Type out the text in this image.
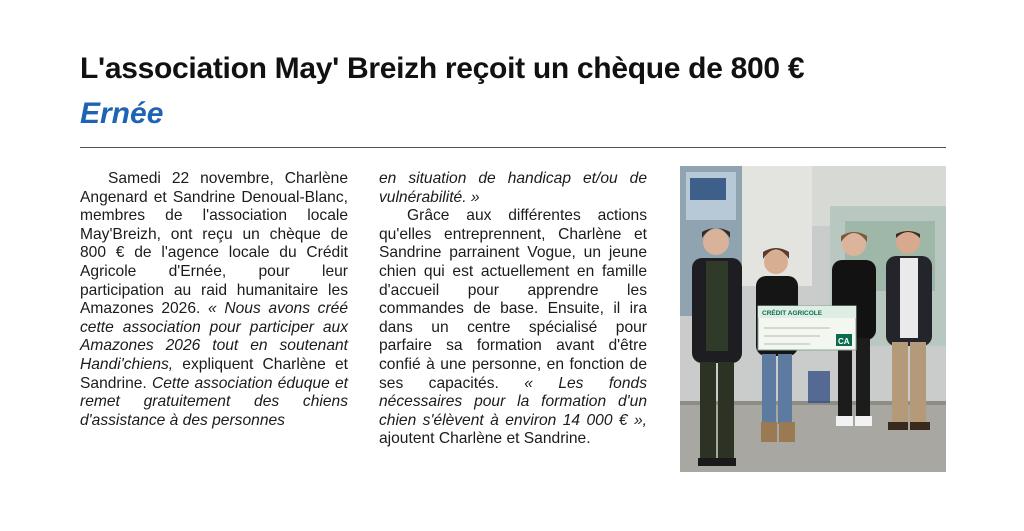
L'association May' Breizh reçoit un chèque de 800 €
Ernée

Samedi 22 novembre, Charlène Angenard et Sandrine Denoual-Blanc, membres de l'association locale May'Breizh, ont reçu un chèque de 800 € de l'agence locale du Crédit Agricole d'Ernée, pour leur participation au raid humanitaire les Amazones 2026. « Nous avons créé cette association pour participer aux Amazones 2026 tout en soutenant Handi'chiens, expliquent Charlène et Sandrine. Cette association éduque et remet gratuitement des chiens d'assistance à des personnes

en situation de handicap et/ou de vulnérabilité. »

Grâce aux différentes actions qu'elles entreprennent, Charlène et Sandrine parrainent Vogue, un jeune chien qui est actuellement en famille d'accueil pour apprendre les commandes de base. Ensuite, il ira dans un centre spécialisé pour parfaire sa formation avant d'être confié à une personne, en fonction de ses capacités. « Les fonds nécessaires pour la formation d'un chien s'élèvent à environ 14 000 € », ajoutent Charlène et Sandrine.

CRÉDIT AGRICOLE
CA
